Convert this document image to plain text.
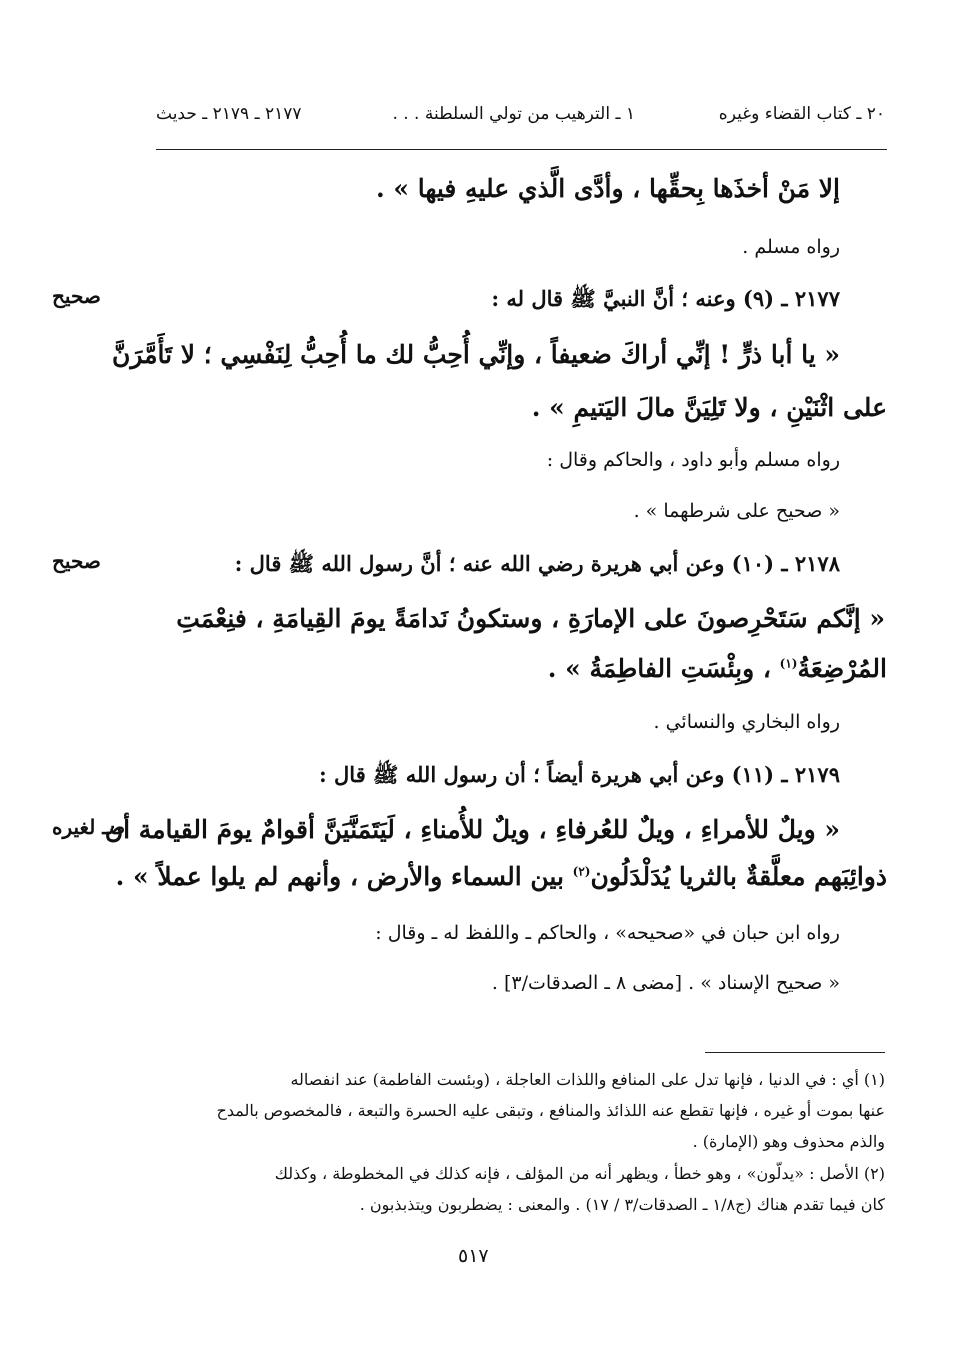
٢٠ ـ كتاب القضاء وغيره
١ ـ الترهيب من تولي السلطنة . . .
٢١٧٧ ـ ٢١٧٩ ـ حديث
إلا مَنْ أخذَها بِحقِّها ، وأدَّى الَّذي عليهِ فيها » .
رواه مسلم .
صحيح	٢١٧٧ ـ (٩) وعنه ؛ أنَّ النبيَّ ﷺ قال له :
« يا أبا ذرٍّ ! إنِّي أراكَ ضعيفاً ، وإنِّي أُحِبُّ لك ما أُحِبُّ لِنَفْسِي ؛ لا تَأَمَّرَنَّ
على اثْنَيْنِ ، ولا تَلِيَنَّ مالَ اليَتيمِ » .
رواه مسلم وأبو داود ، والحاكم وقال :
« صحيح على شرطهما » .
صحيح	٢١٧٨ ـ (١٠) وعن أبي هريرة رضي الله عنه ؛ أنَّ رسول الله ﷺ قال :
« إنَّكم سَتَحْرِصونَ على الإمارَةِ ، وستكونُ نَدامَةً يومَ القِيامَةِ ، فنِعْمَتِ
المُرْضِعَةُ$^{(١)}$ ، وبِئْسَتِ الفاطِمَةُ » .
رواه البخاري والنسائي .
٢١٧٩ ـ (١١) وعن أبي هريرة أيضاً ؛ أن رسول الله ﷺ قال :
صـ لغيره
« ويلٌ للأمراءِ ، ويلٌ للعُرفاءِ ، ويلٌ للأُمناءِ ، لَيَتَمَنَّيَنَّ أقوامٌ يومَ القيامة أن
ذوائِبَهم معلَّقةٌ بالثريا يُدَلْدَلُون$^{(٢)}$ بين السماء والأرض ، وأنهم لم يلوا عملاً » .
رواه ابن حبان في «صحيحه» ، والحاكم ـ واللفظ له ـ وقال :
« صحيح الإسناد » . [مضى ٨ ـ الصدقات/٣] .
(١) أي : في الدنيا ، فإنها تدل على المنافع واللذات العاجلة ، (وبئست الفاطمة) عند انفصاله
عنها بموت أو غيره ، فإنها تقطع عنه اللذائذ والمنافع ، وتبقى عليه الحسرة والتبعة ، فالمخصوص بالمدح
والذم محذوف وهو (الإمارة) .
(٢) الأصل : «يدلّون» ، وهو خطأ ، ويظهر أنه من المؤلف ، فإنه كذلك في المخطوطة ، وكذلك
كان فيما تقدم هناك (ج١/٨ ـ الصدقات/٣ / ١٧) . والمعنى : يضطربون ويتذبذبون .
٥١٧
